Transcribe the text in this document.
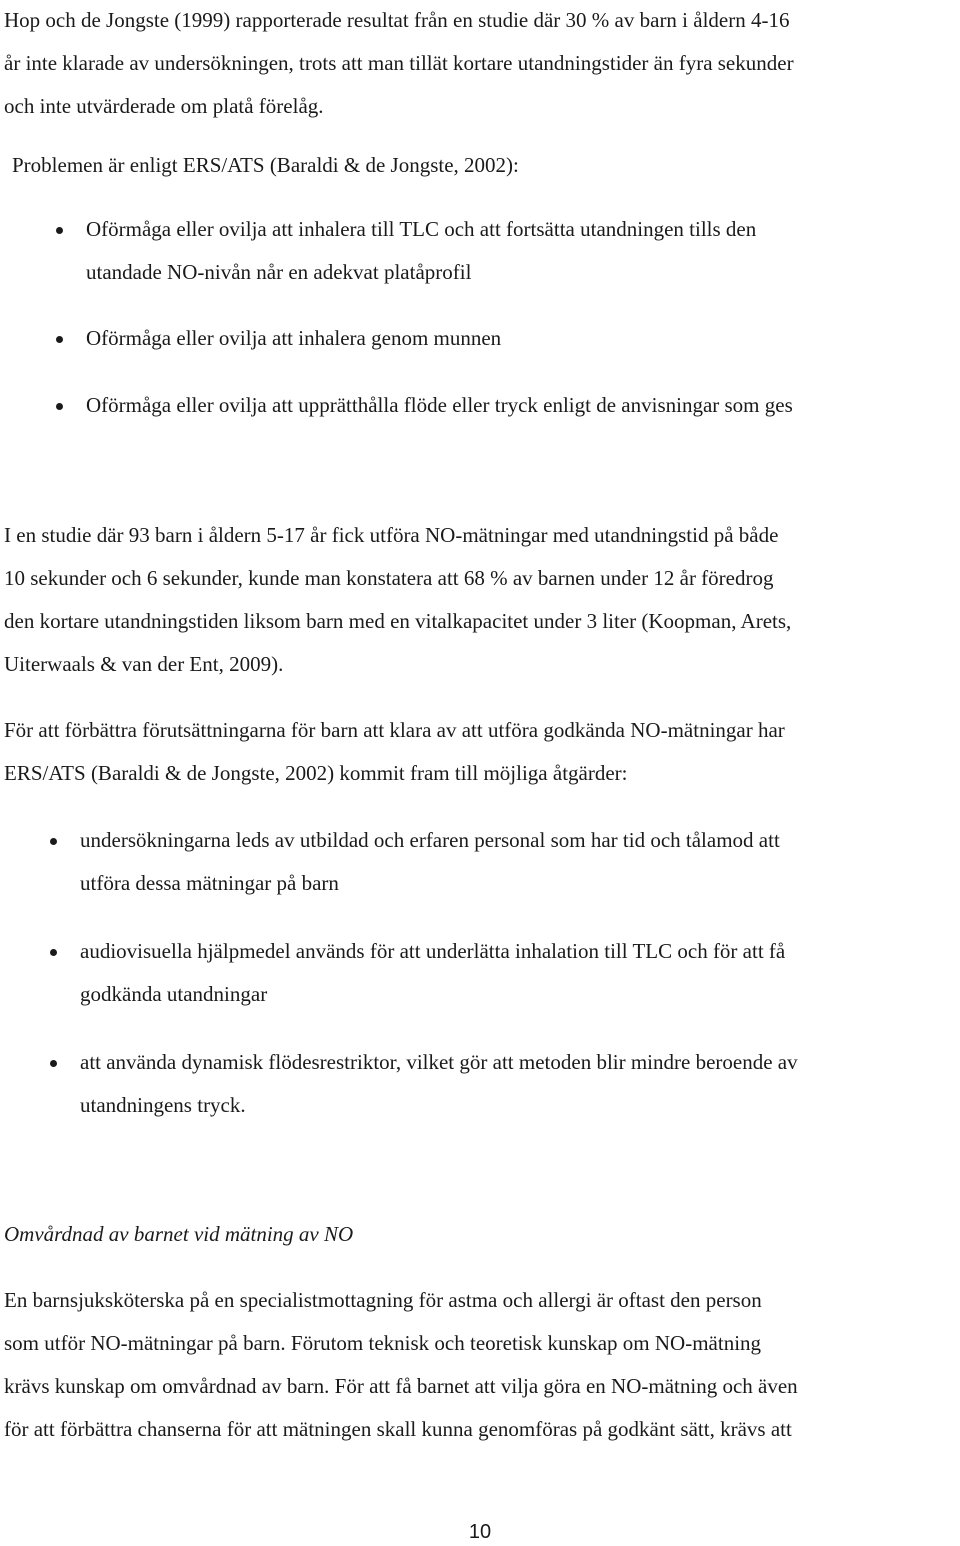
Hop och de Jongste (1999) rapporterade resultat från en studie där 30 % av barn i åldern 4-16
år inte klarade av undersökningen, trots att man tillät kortare utandningstider än fyra sekunder
och inte utvärderade om platå förelåg.
Problemen är enligt ERS/ATS (Baraldi & de Jongste, 2002):
Oförmåga eller ovilja att inhalera till TLC och att fortsätta utandningen tills den
utandade NO-nivån når en adekvat platåprofil
Oförmåga eller ovilja att inhalera genom munnen
Oförmåga eller ovilja att upprätthålla flöde eller tryck enligt de anvisningar som ges
I en studie där 93 barn i åldern 5-17 år fick utföra NO-mätningar med utandningstid på både
10 sekunder och 6 sekunder, kunde man konstatera att 68 % av barnen under 12 år föredrog
den kortare utandningstiden liksom barn med en vitalkapacitet under 3 liter (Koopman, Arets,
Uiterwaals & van der Ent, 2009).
För att förbättra förutsättningarna för barn att klara av att utföra godkända NO-mätningar har
ERS/ATS (Baraldi & de Jongste, 2002) kommit fram till möjliga åtgärder:
undersökningarna leds av utbildad och erfaren personal som har tid och tålamod att
utföra dessa mätningar på barn
audiovisuella hjälpmedel används för att underlätta inhalation till TLC och för att få
godkända utandningar
att använda dynamisk flödesrestriktor, vilket gör att metoden blir mindre beroende av
utandningens tryck.
Omvårdnad av barnet vid mätning av NO
En barnsjuksköterska på en specialistmottagning för astma och allergi är oftast den person
som utför NO-mätningar på barn. Förutom teknisk och teoretisk kunskap om NO-mätning
krävs kunskap om omvårdnad av barn. För att få barnet att vilja göra en NO-mätning och även
för att förbättra chanserna för att mätningen skall kunna genomföras på godkänt sätt, krävs att
10
